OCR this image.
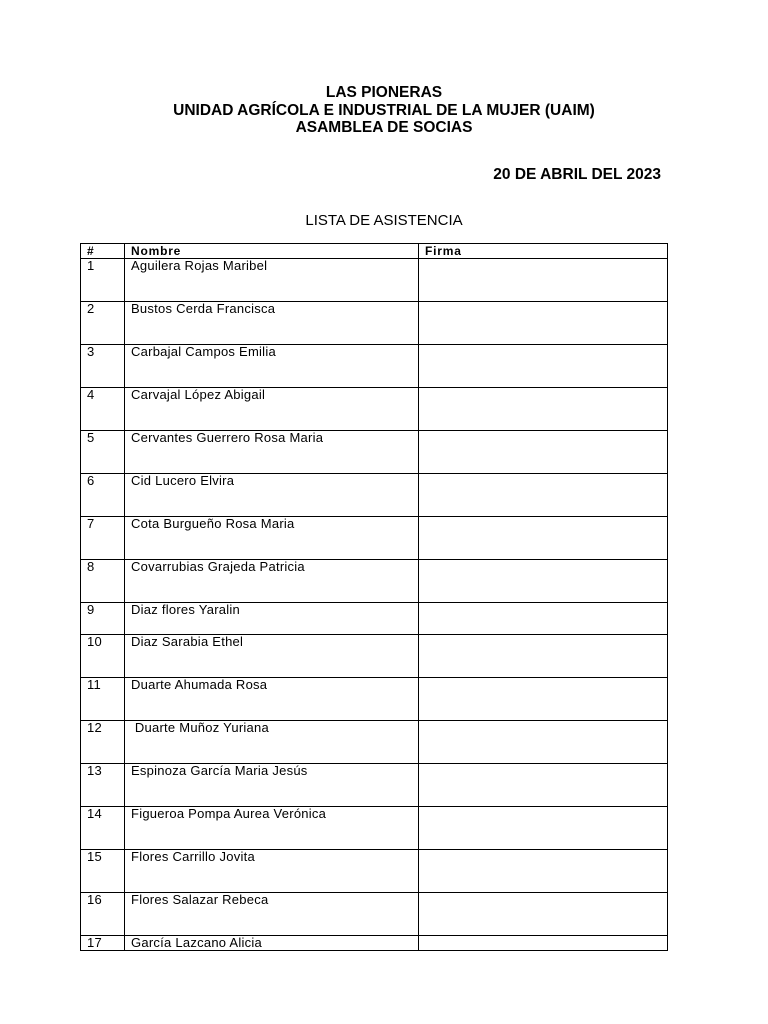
LAS PIONERAS
UNIDAD AGRÍCOLA E INDUSTRIAL DE LA MUJER (UAIM)
ASAMBLEA DE SOCIAS
20 DE ABRIL DEL 2023
LISTA DE ASISTENCIA
#	Nombre	Firma
1	Aguilera Rojas Maribel	
2	Bustos Cerda Francisca	
3	Carbajal Campos Emilia	
4	Carvajal López Abigail	
5	Cervantes Guerrero Rosa Maria	
6	Cid Lucero Elvira	
7	Cota Burgueño Rosa Maria	
8	Covarrubias Grajeda Patricia	
9	Diaz flores Yaralin	
10	Diaz Sarabia Ethel	
11	Duarte Ahumada Rosa	
12	Duarte Muñoz Yuriana	
13	Espinoza García Maria Jesús	
14	Figueroa Pompa Aurea Verónica	
15	Flores Carrillo Jovita	
16	Flores Salazar Rebeca	
17	García Lazcano Alicia	
